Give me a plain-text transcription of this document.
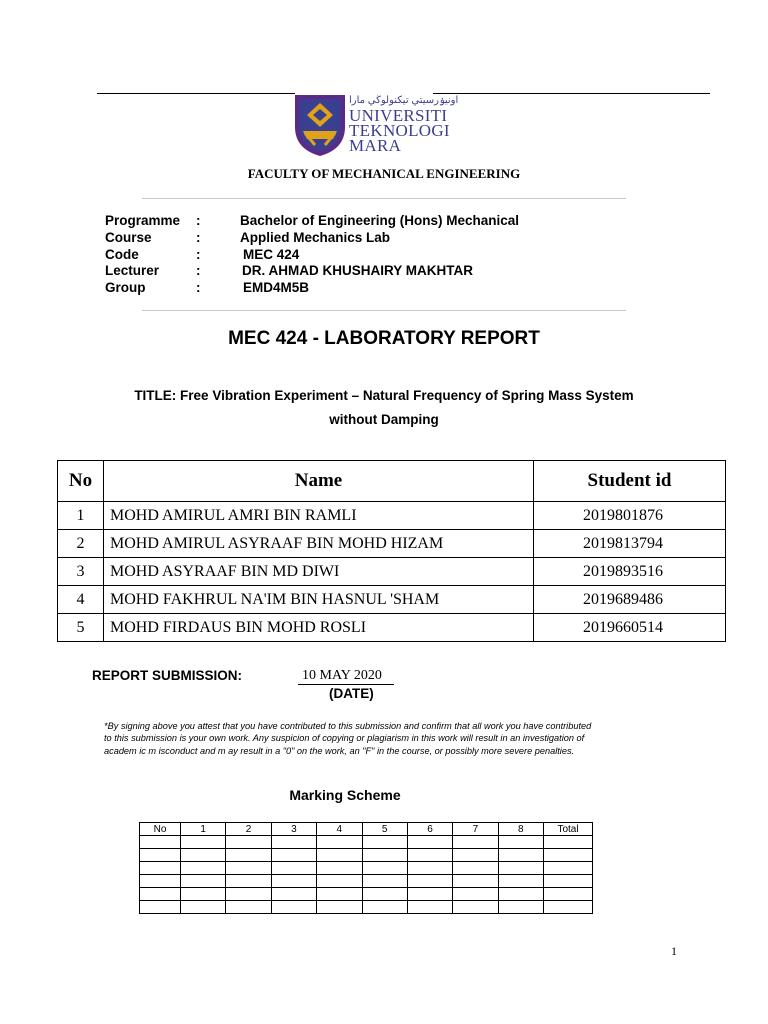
اونيۏرسيتي تيكنولوڬي مارا
UNIVERSITI
TEKNOLOGI
MARA
FACULTY OF MECHANICAL ENGINEERING
Programme	:	Bachelor of Engineering (Hons) Mechanical
Course	:	Applied Mechanics Lab
Code	:	MEC 424
Lecturer	:	DR. AHMAD KHUSHAIRY MAKHTAR
Group	:	EMD4M5B
MEC 424 - LABORATORY REPORT
TITLE: Free Vibration Experiment – Natural Frequency of Spring Mass System
without Damping
No	Name	Student id
1	MOHD AMIRUL AMRI BIN RAMLI	2019801876
2	MOHD AMIRUL ASYRAAF BIN MOHD HIZAM	2019813794
3	MOHD ASYRAAF BIN MD DIWI	2019893516
4	MOHD FAKHRUL NA'IM BIN HASNUL 'SHAM	2019689486
5	MOHD FIRDAUS BIN MOHD ROSLI	2019660514
REPORT SUBMISSION:	10 MAY 2020
(DATE)
*By signing above you attest that you have contributed to this submission and confirm that all work you have contributed to this submission is your own work. Any suspicion of copying or plagiarism in this work will result in an investigation of academ ic m isconduct and m ay result in a "0" on the work, an "F" in the course, or possibly more severe penalties.
Marking Scheme
No	1	2	3	4	5	6	7	8	Total

1
